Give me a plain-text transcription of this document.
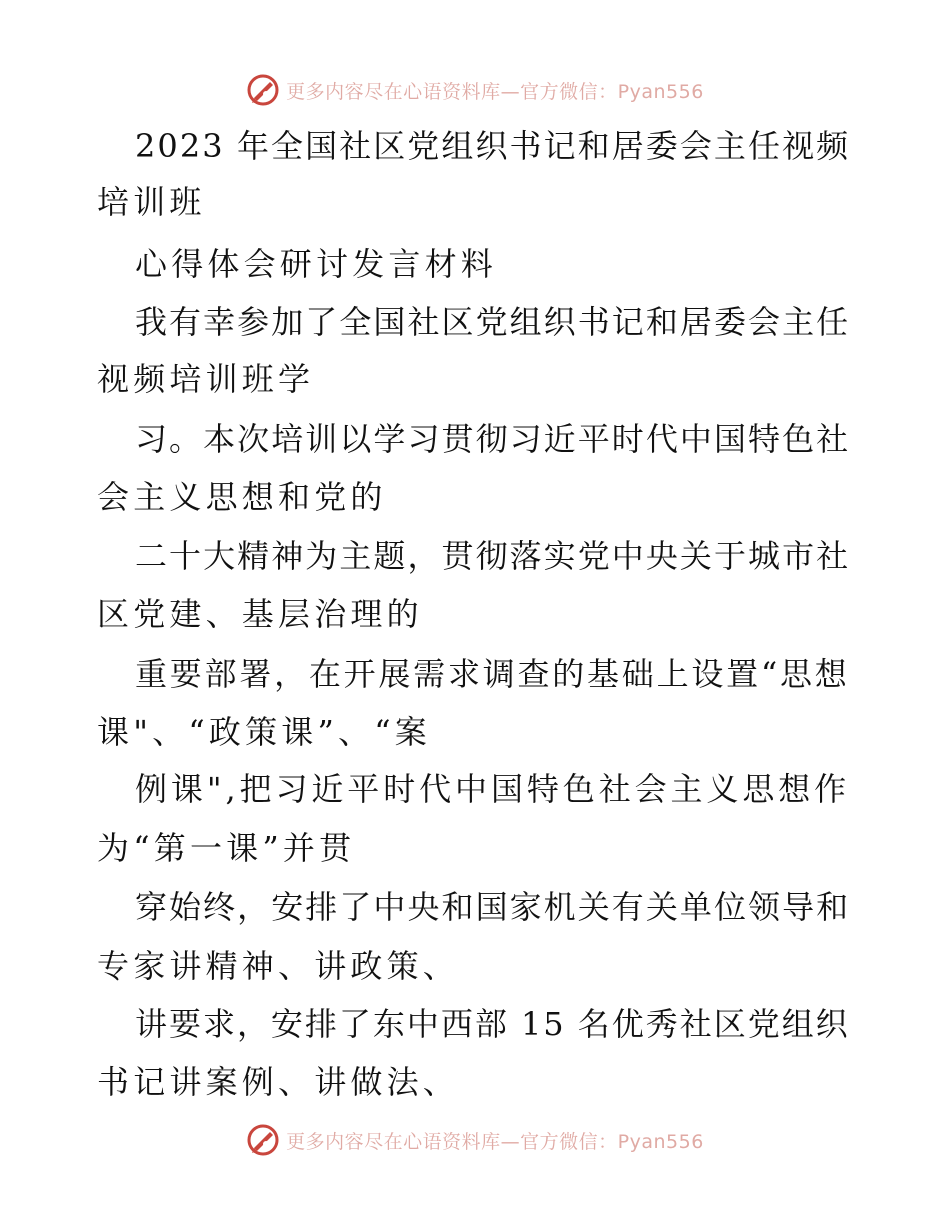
更多内容尽在心语资料库—官方微信：Pyan556
2023 年全国社区党组织书记和居委会主任视频
培训班
心得体会研讨发言材料
我有幸参加了全国社区党组织书记和居委会主任
视频培训班学
习。本次培训以学习贯彻习近平时代中国特色社
会主义思想和党的
二十大精神为主题，贯彻落实党中央关于城市社
区党建、基层治理的
重要部署，在开展需求调查的基础上设置“思想
课"、“政策课”、“案
例课",把习近平时代中国特色社会主义思想作
为“第一课”并贯
穿始终，安排了中央和国家机关有关单位领导和
专家讲精神、讲政策、
讲要求，安排了东中西部 15 名优秀社区党组织
书记讲案例、讲做法、
更多内容尽在心语资料库—官方微信：Pyan556
